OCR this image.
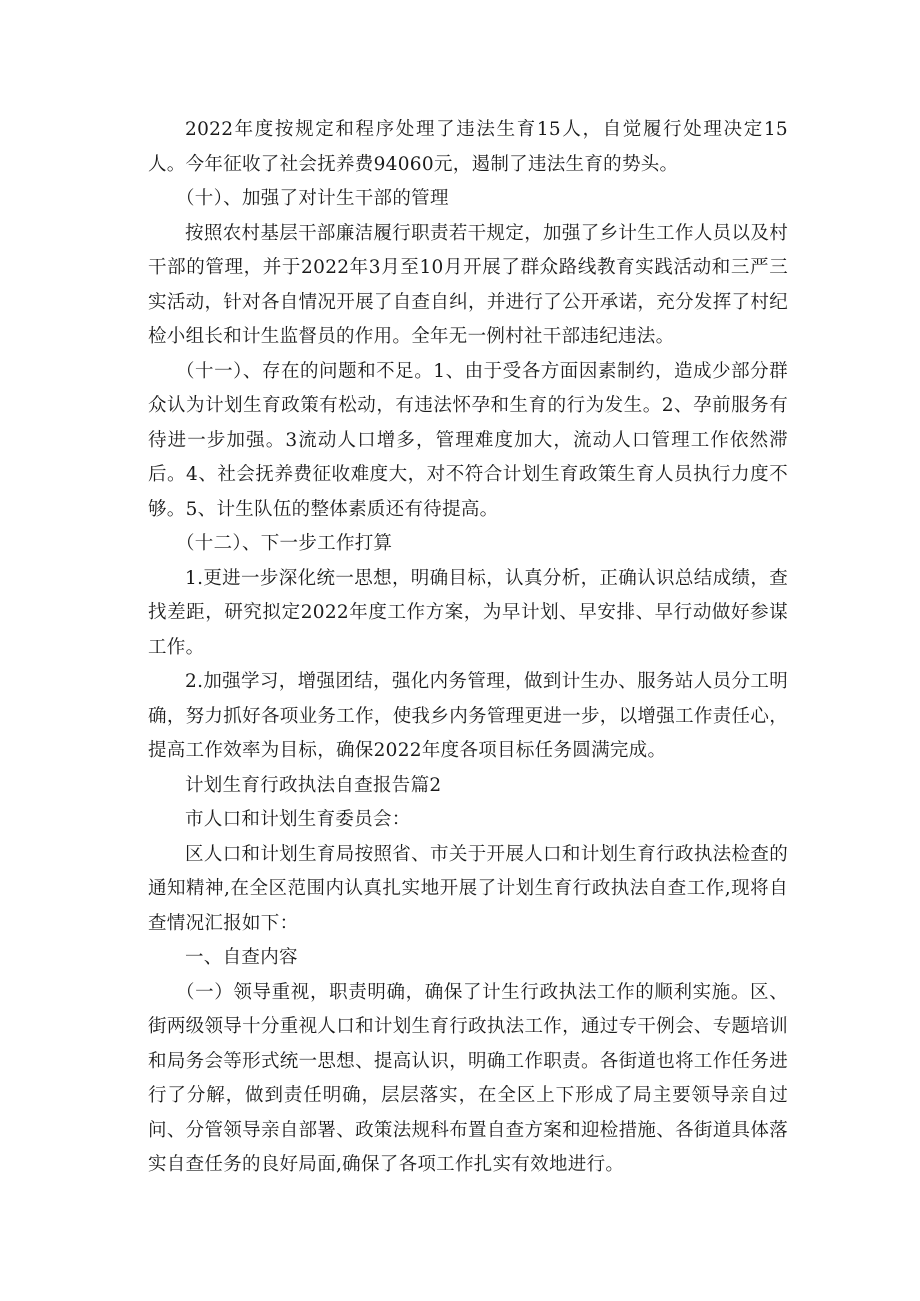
2022年度按规定和程序处理了违法生育15人，自觉履行处理决定15人。今年征收了社会抚养费94060元，遏制了违法生育的势头。

（十）、加强了对计生干部的管理

按照农村基层干部廉洁履行职责若干规定，加强了乡计生工作人员以及村干部的管理，并于2022年3月至10月开展了群众路线教育实践活动和三严三实活动，针对各自情况开展了自查自纠，并进行了公开承诺，充分发挥了村纪检小组长和计生监督员的作用。全年无一例村社干部违纪违法。

（十一）、存在的问题和不足。1、由于受各方面因素制约，造成少部分群众认为计划生育政策有松动，有违法怀孕和生育的行为发生。2、孕前服务有待进一步加强。3流动人口增多，管理难度加大，流动人口管理工作依然滞后。4、社会抚养费征收难度大，对不符合计划生育政策生育人员执行力度不够。5、计生队伍的整体素质还有待提高。

（十二）、下一步工作打算

1.更进一步深化统一思想，明确目标，认真分析，正确认识总结成绩，查找差距，研究拟定2022年度工作方案，为早计划、早安排、早行动做好参谋工作。

2.加强学习，增强团结，强化内务管理，做到计生办、服务站人员分工明确，努力抓好各项业务工作，使我乡内务管理更进一步，以增强工作责任心，提高工作效率为目标，确保2022年度各项目标任务圆满完成。

计划生育行政执法自查报告篇2

市人口和计划生育委员会：

区人口和计划生育局按照省、市关于开展人口和计划生育行政执法检查的通知精神,在全区范围内认真扎实地开展了计划生育行政执法自查工作,现将自查情况汇报如下：

一、自查内容

（一）领导重视，职责明确，确保了计生行政执法工作的顺利实施。区、街两级领导十分重视人口和计划生育行政执法工作，通过专干例会、专题培训和局务会等形式统一思想、提高认识，明确工作职责。各街道也将工作任务进行了分解，做到责任明确，层层落实，在全区上下形成了局主要领导亲自过问、分管领导亲自部署、政策法规科布置自查方案和迎检措施、各街道具体落实自查任务的良好局面,确保了各项工作扎实有效地进行。
